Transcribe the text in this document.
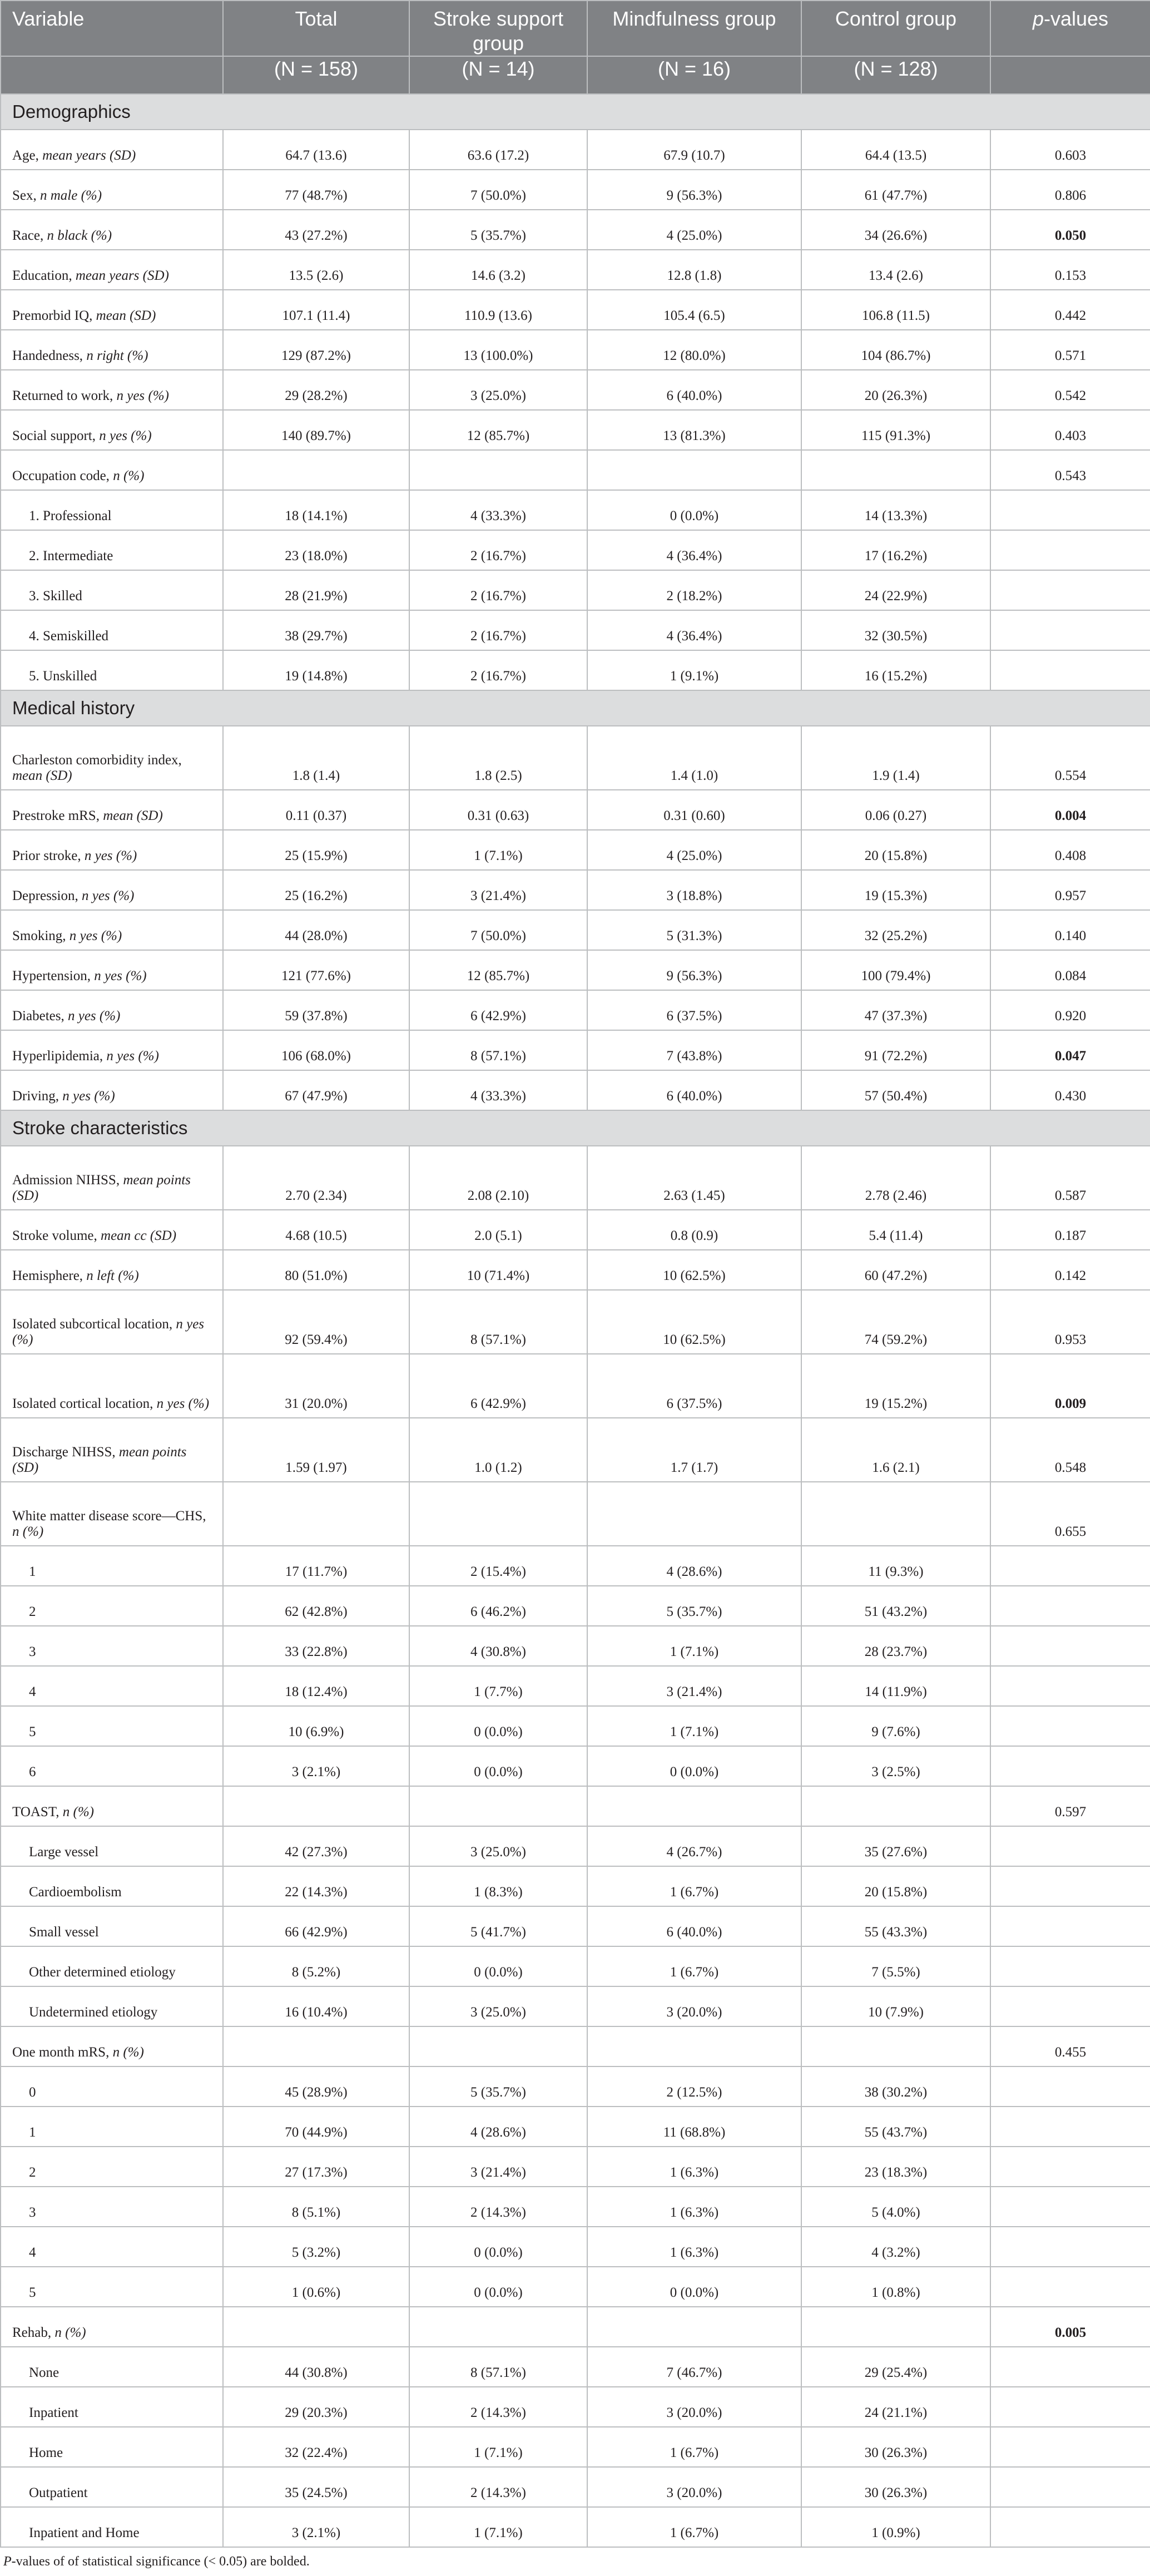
Variable	Total	Stroke support group	Mindfulness group	Control group	p-values
	(N = 158)	(N = 14)	(N = 16)	(N = 128)	
Demographics					
Age, mean years (SD)	64.7 (13.6)	63.6 (17.2)	67.9 (10.7)	64.4 (13.5)	0.603
Sex, n male (%)	77 (48.7%)	7 (50.0%)	9 (56.3%)	61 (47.7%)	0.806
Race, n black (%)	43 (27.2%)	5 (35.7%)	4 (25.0%)	34 (26.6%)	0.050
Education, mean years (SD)	13.5 (2.6)	14.6 (3.2)	12.8 (1.8)	13.4 (2.6)	0.153
Premorbid IQ, mean (SD)	107.1 (11.4)	110.9 (13.6)	105.4 (6.5)	106.8 (11.5)	0.442
Handedness, n right (%)	129 (87.2%)	13 (100.0%)	12 (80.0%)	104 (86.7%)	0.571
Returned to work, n yes (%)	29 (28.2%)	3 (25.0%)	6 (40.0%)	20 (26.3%)	0.542
Social support, n yes (%)	140 (89.7%)	12 (85.7%)	13 (81.3%)	115 (91.3%)	0.403
Occupation code, n (%)					0.543
1. Professional	18 (14.1%)	4 (33.3%)	0 (0.0%)	14 (13.3%)	
2. Intermediate	23 (18.0%)	2 (16.7%)	4 (36.4%)	17 (16.2%)	
3. Skilled	28 (21.9%)	2 (16.7%)	2 (18.2%)	24 (22.9%)	
4. Semiskilled	38 (29.7%)	2 (16.7%)	4 (36.4%)	32 (30.5%)	
5. Unskilled	19 (14.8%)	2 (16.7%)	1 (9.1%)	16 (15.2%)	
Medical history					
Charleston comorbidity index, mean (SD)	1.8 (1.4)	1.8 (2.5)	1.4 (1.0)	1.9 (1.4)	0.554
Prestroke mRS, mean (SD)	0.11 (0.37)	0.31 (0.63)	0.31 (0.60)	0.06 (0.27)	0.004
Prior stroke, n yes (%)	25 (15.9%)	1 (7.1%)	4 (25.0%)	20 (15.8%)	0.408
Depression, n yes (%)	25 (16.2%)	3 (21.4%)	3 (18.8%)	19 (15.3%)	0.957
Smoking, n yes (%)	44 (28.0%)	7 (50.0%)	5 (31.3%)	32 (25.2%)	0.140
Hypertension, n yes (%)	121 (77.6%)	12 (85.7%)	9 (56.3%)	100 (79.4%)	0.084
Diabetes, n yes (%)	59 (37.8%)	6 (42.9%)	6 (37.5%)	47 (37.3%)	0.920
Hyperlipidemia, n yes (%)	106 (68.0%)	8 (57.1%)	7 (43.8%)	91 (72.2%)	0.047
Driving, n yes (%)	67 (47.9%)	4 (33.3%)	6 (40.0%)	57 (50.4%)	0.430
Stroke characteristics					
Admission NIHSS, mean points (SD)	2.70 (2.34)	2.08 (2.10)	2.63 (1.45)	2.78 (2.46)	0.587
Stroke volume, mean cc (SD)	4.68 (10.5)	2.0 (5.1)	0.8 (0.9)	5.4 (11.4)	0.187
Hemisphere, n left (%)	80 (51.0%)	10 (71.4%)	10 (62.5%)	60 (47.2%)	0.142
Isolated subcortical location, n yes (%)	92 (59.4%)	8 (57.1%)	10 (62.5%)	74 (59.2%)	0.953
Isolated cortical location, n yes (%)	31 (20.0%)	6 (42.9%)	6 (37.5%)	19 (15.2%)	0.009
Discharge NIHSS, mean points (SD)	1.59 (1.97)	1.0 (1.2)	1.7 (1.7)	1.6 (2.1)	0.548
White matter disease score—CHS, n (%)					0.655
1	17 (11.7%)	2 (15.4%)	4 (28.6%)	11 (9.3%)	
2	62 (42.8%)	6 (46.2%)	5 (35.7%)	51 (43.2%)	
3	33 (22.8%)	4 (30.8%)	1 (7.1%)	28 (23.7%)	
4	18 (12.4%)	1 (7.7%)	3 (21.4%)	14 (11.9%)	
5	10 (6.9%)	0 (0.0%)	1 (7.1%)	9 (7.6%)	
6	3 (2.1%)	0 (0.0%)	0 (0.0%)	3 (2.5%)	
TOAST, n (%)					0.597
Large vessel	42 (27.3%)	3 (25.0%)	4 (26.7%)	35 (27.6%)	
Cardioembolism	22 (14.3%)	1 (8.3%)	1 (6.7%)	20 (15.8%)	
Small vessel	66 (42.9%)	5 (41.7%)	6 (40.0%)	55 (43.3%)	
Other determined etiology	8 (5.2%)	0 (0.0%)	1 (6.7%)	7 (5.5%)	
Undetermined etiology	16 (10.4%)	3 (25.0%)	3 (20.0%)	10 (7.9%)	
One month mRS, n (%)					0.455
0	45 (28.9%)	5 (35.7%)	2 (12.5%)	38 (30.2%)	
1	70 (44.9%)	4 (28.6%)	11 (68.8%)	55 (43.7%)	
2	27 (17.3%)	3 (21.4%)	1 (6.3%)	23 (18.3%)	
3	8 (5.1%)	2 (14.3%)	1 (6.3%)	5 (4.0%)	
4	5 (3.2%)	0 (0.0%)	1 (6.3%)	4 (3.2%)	
5	1 (0.6%)	0 (0.0%)	0 (0.0%)	1 (0.8%)	
Rehab, n (%)					0.005
None	44 (30.8%)	8 (57.1%)	7 (46.7%)	29 (25.4%)	
Inpatient	29 (20.3%)	2 (14.3%)	3 (20.0%)	24 (21.1%)	
Home	32 (22.4%)	1 (7.1%)	1 (6.7%)	30 (26.3%)	
Outpatient	35 (24.5%)	2 (14.3%)	3 (20.0%)	30 (26.3%)	
Inpatient and Home	3 (2.1%)	1 (7.1%)	1 (6.7%)	1 (0.9%)	
P-values of of statistical significance (< 0.05) are bolded.
